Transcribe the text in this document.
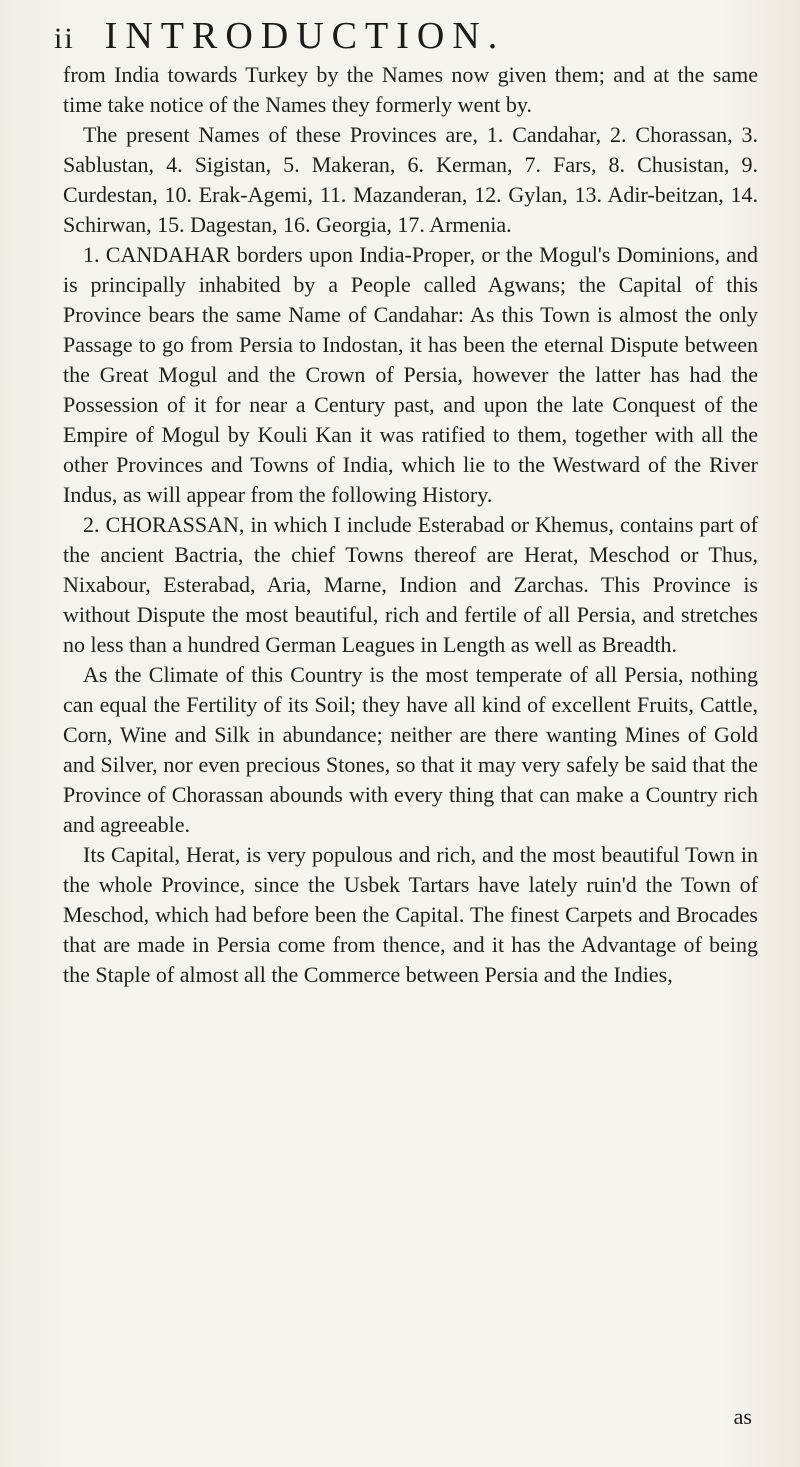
ii INTRODUCTION.

from India towards Turkey by the Names now given them; and at the same time take notice of the Names they formerly went by.

The present Names of these Provinces are, 1. Candahar, 2. Chorassan, 3. Sablustan, 4. Sigistan, 5. Makeran, 6. Kerman, 7. Fars, 8. Chusistan, 9. Curdestan, 10. Erak-Agemi, 11. Mazanderan, 12. Gylan, 13. Adir-beitzan, 14. Schirwan, 15. Dagestan, 16. Georgia, 17. Armenia.

1. CANDAHAR borders upon India-Proper, or the Mogul's Dominions, and is principally inhabited by a People called Agwans; the Capital of this Province bears the same Name of Candahar: As this Town is almost the only Passage to go from Persia to Indostan, it has been the eternal Dispute between the Great Mogul and the Crown of Persia, however the latter has had the Possession of it for near a Century past, and upon the late Conquest of the Empire of Mogul by Kouli Kan it was ratified to them, together with all the other Provinces and Towns of India, which lie to the Westward of the River Indus, as will appear from the following History.

2. CHORASSAN, in which I include Esterabad or Khemus, contains part of the ancient Bactria, the chief Towns thereof are Herat, Meschod or Thus, Nixabour, Esterabad, Aria, Marne, Indion and Zarchas. This Province is without Dispute the most beautiful, rich and fertile of all Persia, and stretches no less than a hundred German Leagues in Length as well as Breadth.

As the Climate of this Country is the most temperate of all Persia, nothing can equal the Fertility of its Soil; they have all kind of excellent Fruits, Cattle, Corn, Wine and Silk in abundance; neither are there wanting Mines of Gold and Silver, nor even precious Stones, so that it may very safely be said that the Province of Chorassan abounds with every thing that can make a Country rich and agreeable.

Its Capital, Herat, is very populous and rich, and the most beautiful Town in the whole Province, since the Usbek Tartars have lately ruin'd the Town of Meschod, which had before been the Capital. The finest Carpets and Brocades that are made in Persia come from thence, and it has the Advantage of being the Staple of almost all the Commerce between Persia and the Indies,

as
